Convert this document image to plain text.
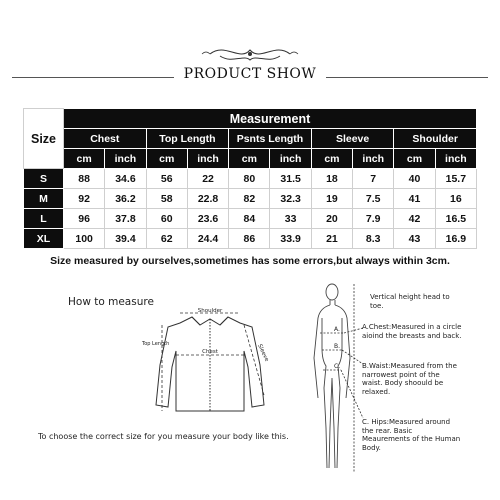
PRODUCT SHOW
Size	Measurement									
	Chest		Top Length		Psnts Length		Sleeve		Shoulder	
	cm	inch	cm	inch	cm	inch	cm	inch	cm	inch
S	88	34.6	56	22	80	31.5	18	7	40	15.7
M	92	36.2	58	22.8	82	32.3	19	7.5	41	16
L	96	37.8	60	23.6	84	33	20	7.9	42	16.5
XL	100	39.4	62	24.4	86	33.9	21	8.3	43	16.9
Size measured by ourselves,sometimes has some errors,but always within 3cm.										
How to measure
Shoulder
Chest	Sleeve
Top Length
To choose the correct size for you measure your body like this.
A.
B.
C.
Vertical height head to toe.
A.Chest:Measured in a circle aioind the breasts and back.
B.Waist:Measured from the narrowest point of the waist. Body shoould be relaxed.
C. Hips:Measured around the rear. Basic Meaurements of the Human Body.
